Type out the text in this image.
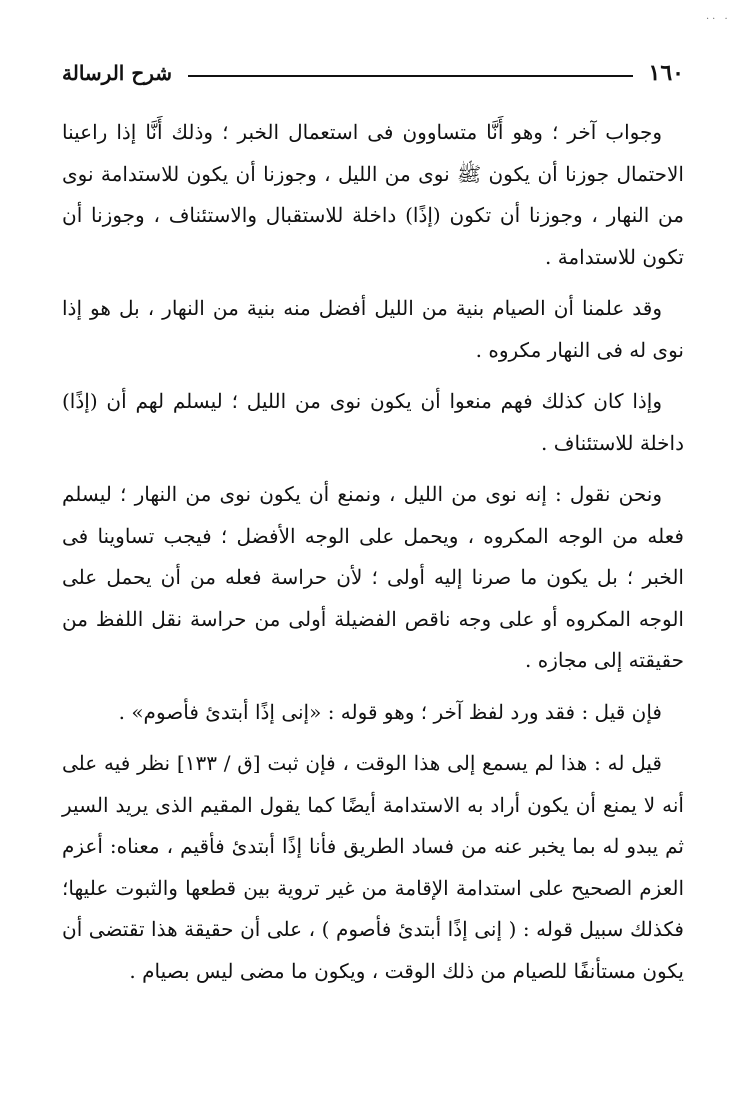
·· ·
١٦٠
شرح الرسالة

وجواب آخر ؛ وهو أَنَّا متساوون فى استعمال الخبر ؛ وذلك أَنَّا إذا راعينا الاحتمال جوزنا أن يكون ﷺ نوى من الليل ، وجوزنا أن يكون للاستدامة نوى من النهار ، وجوزنا أن تكون (إذًا) داخلة للاستقبال والاستئناف ، وجوزنا أن تكون للاستدامة .

وقد علمنا أن الصيام بنية من الليل أفضل منه بنية من النهار ، بل هو إذا نوى له فى النهار مكروه .

وإذا كان كذلك فهم منعوا أن يكون نوى من الليل ؛ ليسلم لهم أن (إذًا) داخلة للاستئناف .

ونحن نقول : إنه نوى من الليل ، ونمنع أن يكون نوى من النهار ؛ ليسلم فعله من الوجه المكروه ، ويحمل على الوجه الأفضل ؛ فيجب تساوينا فى الخبر ؛ بل يكون ما صرنا إليه أولى ؛ لأن حراسة فعله من أن يحمل على الوجه المكروه أو على وجه ناقص الفضيلة أولى من حراسة نقل اللفظ من حقيقته إلى مجازه .

فإن قيل : فقد ورد لفظ آخر ؛ وهو قوله : «إنى إذًا أبتدئ فأصوم» .

قيل له : هذا لم يسمع إلى هذا الوقت ، فإن ثبت [ق / ١٣٣] نظر فيه على أنه لا يمنع أن يكون أراد به الاستدامة أيضًا كما يقول المقيم الذى يريد السير ثم يبدو له بما يخبر عنه من فساد الطريق فأنا إذًا أبتدئ فأقيم ، معناه: أعزم العزم الصحيح على استدامة الإقامة من غير تروية بين قطعها والثبوت عليها؛ فكذلك سبيل قوله : ( إنى إذًا أبتدئ فأصوم ) ، على أن حقيقة هذا تقتضى أن يكون مستأنفًا للصيام من ذلك الوقت ، ويكون ما مضى ليس بصيام .
